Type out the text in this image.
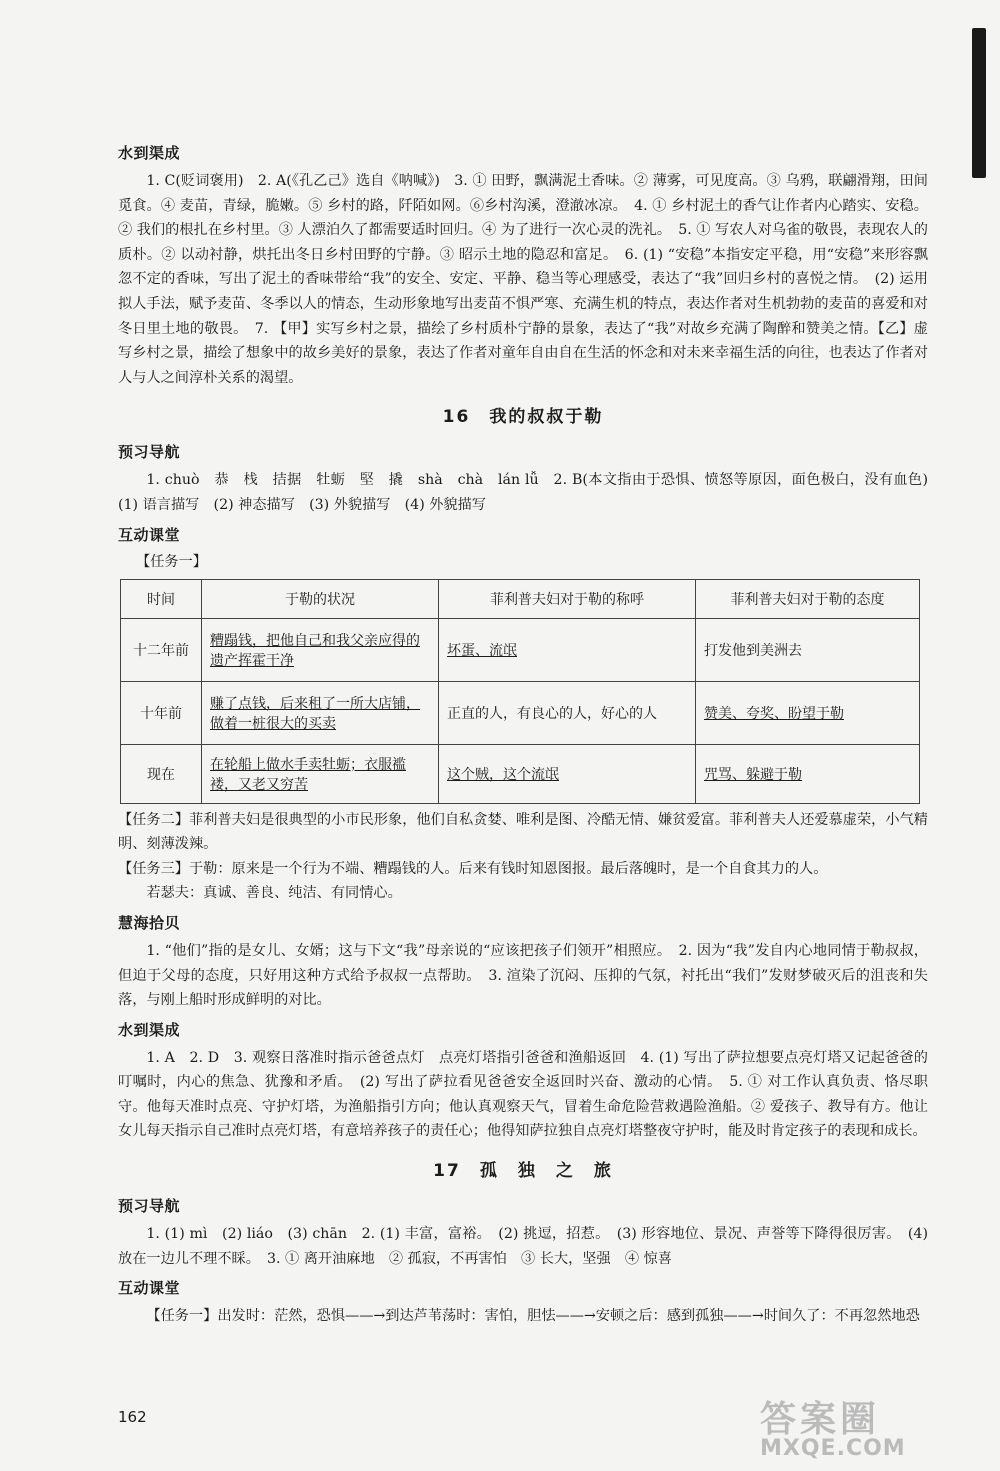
水到渠成

1. C(贬词褒用)　2. A(《孔乙己》选自《呐喊》)　3. ① 田野，飘满泥土香味。② 薄雾，可见度高。③ 乌鸦，联翩滑翔，田间觅食。④ 麦苗，青绿，脆嫩。⑤ 乡村的路，阡陌如网。⑥乡村沟溪，澄澈冰凉。　4. ① 乡村泥土的香气让作者内心踏实、安稳。② 我们的根扎在乡村里。③ 人漂泊久了都需要适时回归。④ 为了进行一次心灵的洗礼。　5. ① 写农人对乌雀的敬畏，表现农人的质朴。② 以动衬静，烘托出冬日乡村田野的宁静。③ 昭示土地的隐忍和富足。　6. (1) “安稳”本指安定平稳，用“安稳”来形容飘忽不定的香味，写出了泥土的香味带给“我”的安全、安定、平静、稳当等心理感受，表达了“我”回归乡村的喜悦之情。　(2) 运用拟人手法，赋予麦苗、冬季以人的情态，生动形象地写出麦苗不惧严寒、充满生机的特点，表达作者对生机勃勃的麦苗的喜爱和对冬日里土地的敬畏。　7. 【甲】实写乡村之景，描绘了乡村质朴宁静的景象，表达了“我”对故乡充满了陶醉和赞美之情。【乙】虚写乡村之景，描绘了想象中的故乡美好的景象，表达了作者对童年自由自在生活的怀念和对未来幸福生活的向往，也表达了作者对人与人之间淳朴关系的渴望。

16　我的叔叔于勒
预习导航

1. chuò　恭　栈　拮据　牡蛎　堅　撬　shà　chà　lán lǚ　2. B(本文指由于恐惧、愤怒等原因，面色极白，没有血色)　(1) 语言描写　(2) 神态描写　(3) 外貌描写　(4) 外貌描写

互动课堂
【任务一】
时间	于勒的状况	菲利普夫妇对于勒的称呼	菲利普夫妇对于勒的态度
十二年前	糟蹋钱，把他自己和我父亲应得的遗产挥霍干净	坏蛋、流氓	打发他到美洲去
十年前	赚了点钱，后来租了一所大店铺，做着一桩很大的买卖	正直的人，有良心的人，好心的人	赞美、夸奖、盼望于勒
现在	在轮船上做水手卖牡蛎；衣服褴褛，又老又穷苦	这个贼，这个流氓	咒骂、躲避于勒

【任务二】菲利普夫妇是很典型的小市民形象，他们自私贪婪、唯利是图、冷酷无情、嫌贫爱富。菲利普夫人还爱慕虚荣，小气精明、刻薄泼辣。

【任务三】于勒：原来是一个行为不端、糟蹋钱的人。后来有钱时知恩图报。最后落魄时，是一个自食其力的人。

若瑟夫：真诚、善良、纯洁、有同情心。

慧海拾贝

1. “他们”指的是女儿、女婿；这与下文“我”母亲说的“应该把孩子们领开”相照应。　2. 因为“我”发自内心地同情于勒叔叔，但迫于父母的态度，只好用这种方式给予叔叔一点帮助。　3. 渲染了沉闷、压抑的气氛，衬托出“我们”发财梦破灭后的沮丧和失落，与刚上船时形成鲜明的对比。

水到渠成

1. A　2. D　3. 观察日落准时指示爸爸点灯　点亮灯塔指引爸爸和渔船返回　4. (1) 写出了萨拉想要点亮灯塔又记起爸爸的叮嘱时，内心的焦急、犹豫和矛盾。　(2) 写出了萨拉看见爸爸安全返回时兴奋、激动的心情。　5. ① 对工作认真负责、恪尽职守。他每天准时点亮、守护灯塔，为渔船指引方向；他认真观察天气，冒着生命危险营救遇险渔船。② 爱孩子、教导有方。他让女儿每天指示自己准时点亮灯塔，有意培养孩子的责任心；他得知萨拉独自点亮灯塔整夜守护时，能及时肯定孩子的表现和成长。

17　孤　独　之　旅
预习导航

1. (1) mì　(2) liáo　(3) chān　2. (1) 丰富，富裕。　(2) 挑逗，招惹。　(3) 形容地位、景况、声誉等下降得很厉害。　(4) 放在一边儿不理不睬。　3. ① 离开油麻地　② 孤寂，不再害怕　③ 长大，坚强　④ 惊喜

互动课堂

【任务一】出发时：茫然，恐惧——→到达芦苇荡时：害怕，胆怯——→安顿之后：感到孤独——→时间久了：不再忽然地恐

162	答案圈
MXQE.COM
